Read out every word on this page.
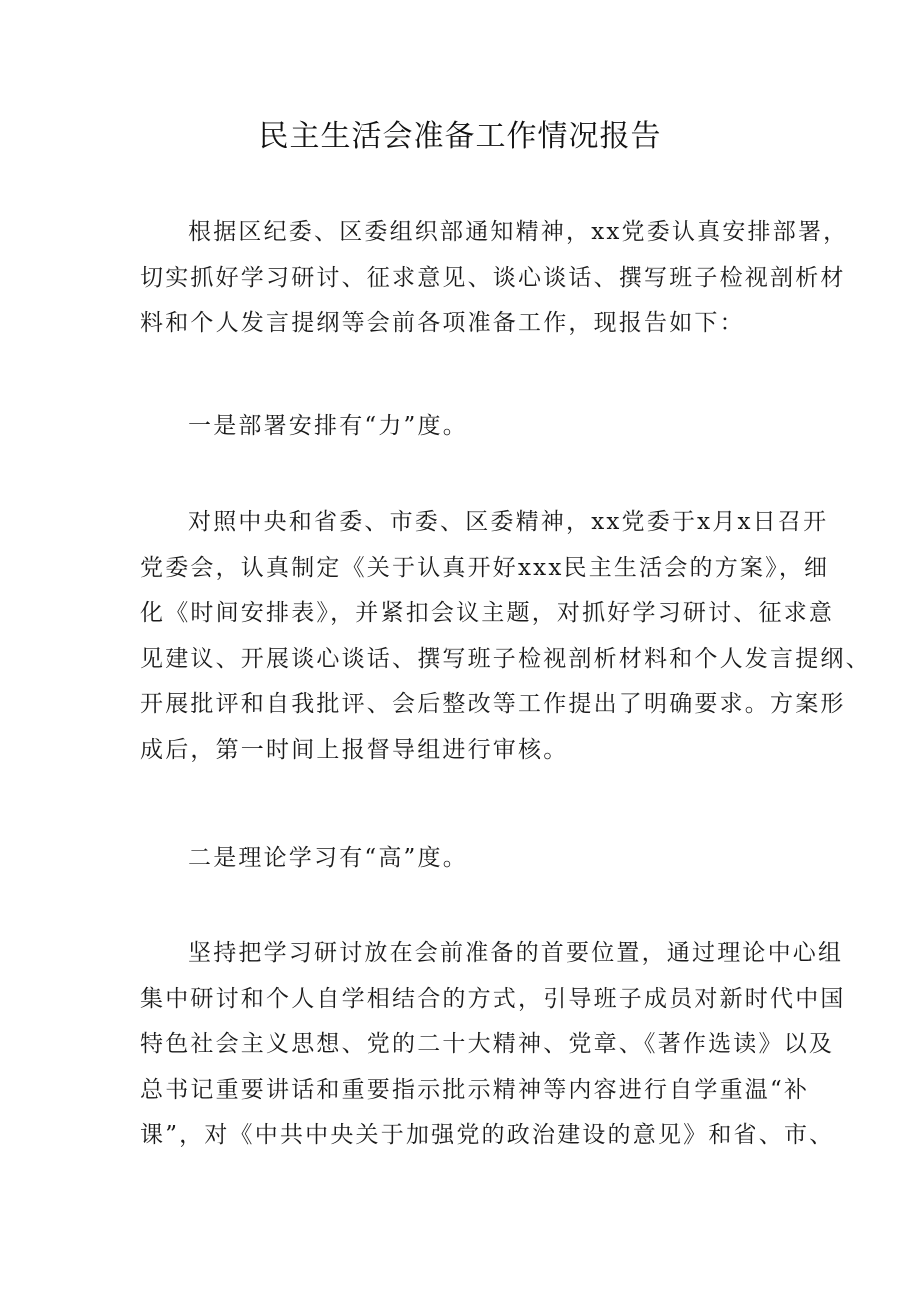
民主生活会准备工作情况报告
根据区纪委、区委组织部通知精神，xx党委认真安排部署，
切实抓好学习研讨、征求意见、谈心谈话、撰写班子检视剖析材
料和个人发言提纲等会前各项准备工作，现报告如下：
一是部署安排有“力”度。
对照中央和省委、市委、区委精神，xx党委于x月x日召开
党委会，认真制定《关于认真开好xxx民主生活会的方案》，细
化《时间安排表》，并紧扣会议主题，对抓好学习研讨、征求意
见建议、开展谈心谈话、撰写班子检视剖析材料和个人发言提纲、
开展批评和自我批评、会后整改等工作提出了明确要求。方案形
成后，第一时间上报督导组进行审核。
二是理论学习有“高”度。
坚持把学习研讨放在会前准备的首要位置，通过理论中心组
集中研讨和个人自学相结合的方式，引导班子成员对新时代中国
特色社会主义思想、党的二十大精神、党章、《著作选读》以及
总书记重要讲话和重要指示批示精神等内容进行自学重温“补
课”，对《中共中央关于加强党的政治建设的意见》和省、市、
